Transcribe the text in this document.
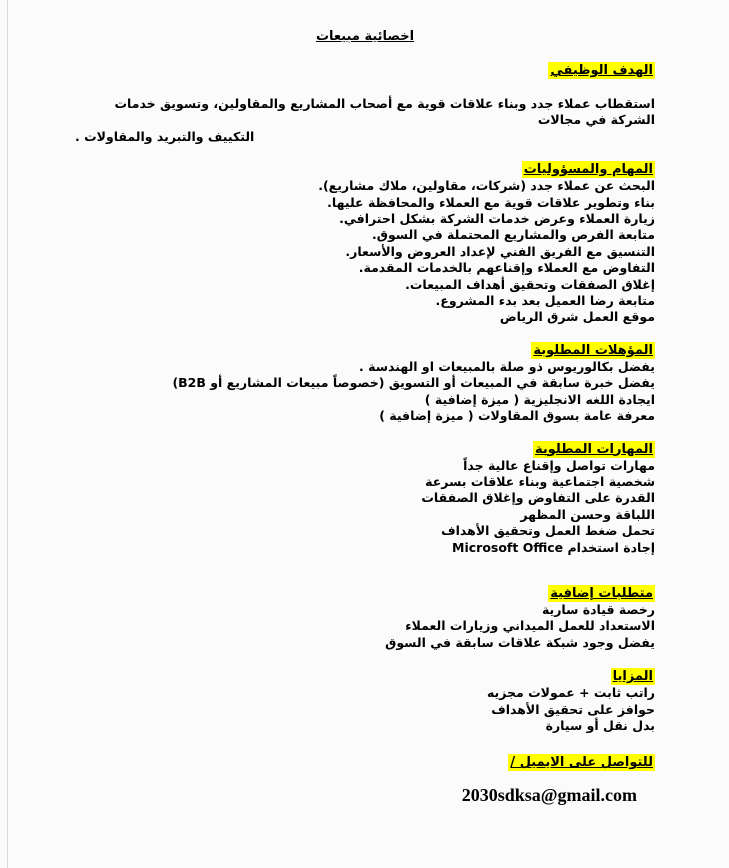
اخصائية مبيعات
الهدف الوظيفي
استقطاب عملاء جدد وبناء علاقات قوية مع أصحاب المشاريع والمقاولين، وتسويق خدمات الشركة في مجالات
التكييف والتبريد والمقاولات .
المهام والمسؤوليات
البحث عن عملاء جدد (شركات، مقاولين، ملاك مشاريع).
بناء وتطوير علاقات قوية مع العملاء والمحافظة عليها.
زيارة العملاء وعرض خدمات الشركة بشكل احترافي.
متابعة الفرص والمشاريع المحتملة في السوق.
التنسيق مع الفريق الفني لإعداد العروض والأسعار.
التفاوض مع العملاء وإقناعهم بالخدمات المقدمة.
إغلاق الصفقات وتحقيق أهداف المبيعات.
متابعة رضا العميل بعد بدء المشروع.
موقع العمل شرق الرياض
المؤهلات المطلوبة
يفضل بكالوريوس ذو صلة بالمبيعات او الهندسة .
يفضل خبرة سابقة في المبيعات أو التسويق (خصوصاً مبيعات المشاريع أو B2B)
ايجادة اللغه الانجليزية ( ميزة إضافية )
معرفة عامة بسوق المقاولات ( ميزة إضافية )
المهارات المطلوبة
مهارات تواصل وإقناع عالية جداً
شخصية اجتماعية وبناء علاقات بسرعة
القدرة على التفاوض وإغلاق الصفقات
اللباقة وحسن المظهر
تحمل ضغط العمل وتحقيق الأهداف
إجادة استخدام Microsoft Office
متطلبات إضافية
رخصة قيادة سارية
الاستعداد للعمل الميداني وزيارات العملاء
يفضل وجود شبكة علاقات سابقة في السوق
المزايا
راتب ثابت + عمولات مجزيه
حوافز على تحقيق الأهداف
بدل نقل أو سيارة
للتواصل على الايميل /
2030sdksa@gmail.com
